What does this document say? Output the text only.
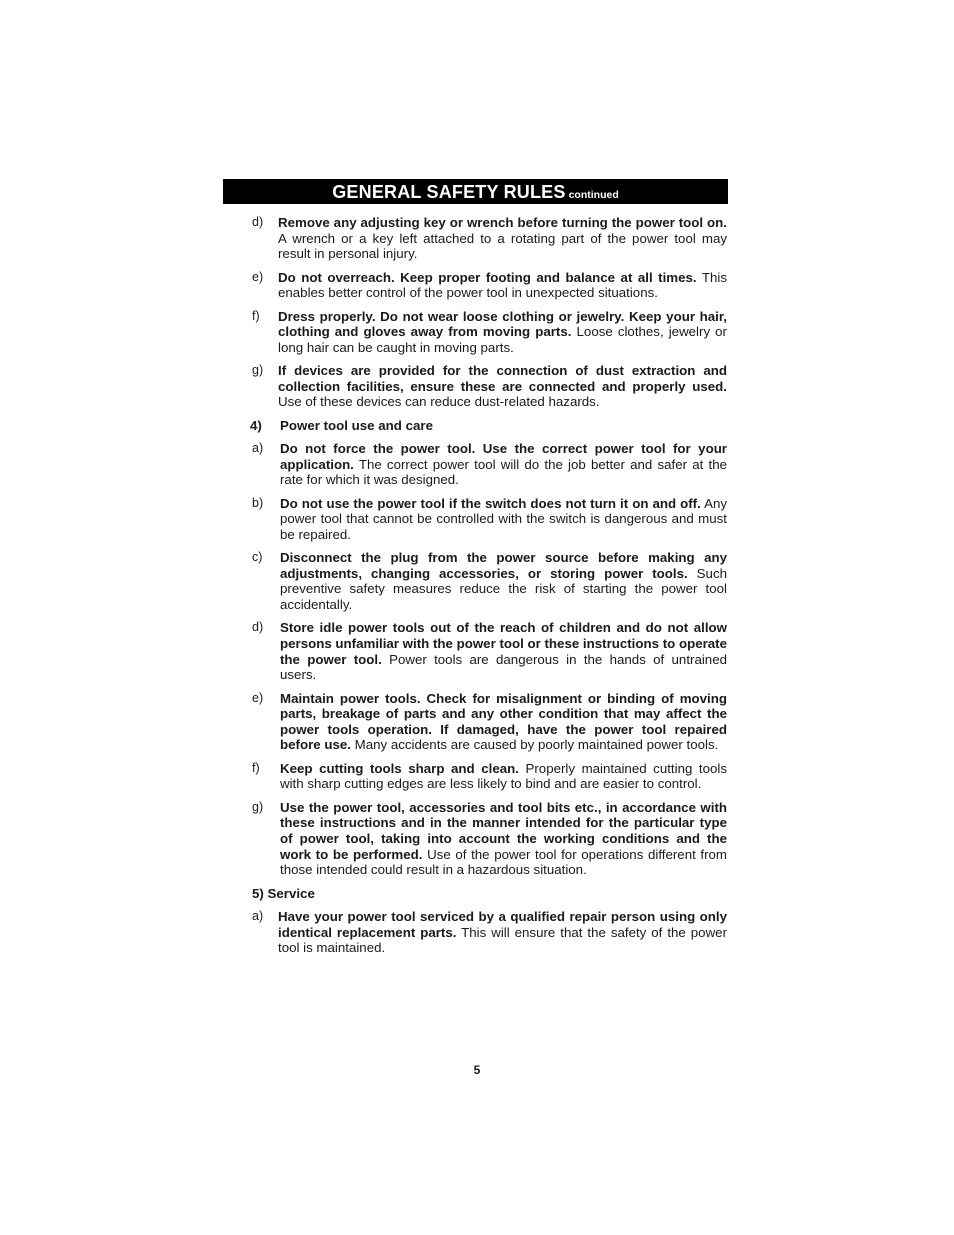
GENERAL SAFETY RULES continued
d) Remove any adjusting key or wrench before turning the power tool on. A wrench or a key left attached to a rotating part of the power tool may result in personal injury.
e) Do not overreach. Keep proper footing and balance at all times. This enables better control of the power tool in unexpected situations.
f) Dress properly. Do not wear loose clothing or jewelry. Keep your hair, clothing and gloves away from moving parts. Loose clothes, jewelry or long hair can be caught in moving parts.
g) If devices are provided for the connection of dust extraction and collection facilities, ensure these are connected and properly used. Use of these devices can reduce dust-related hazards.
4) Power tool use and care
a) Do not force the power tool. Use the correct power tool for your application. The correct power tool will do the job better and safer at the rate for which it was designed.
b) Do not use the power tool if the switch does not turn it on and off. Any power tool that cannot be controlled with the switch is dangerous and must be repaired.
c) Disconnect the plug from the power source before making any adjustments, changing accessories, or storing power tools. Such preventive safety measures reduce the risk of starting the power tool accidentally.
d) Store idle power tools out of the reach of children and do not allow persons unfamiliar with the power tool or these instructions to operate the power tool. Power tools are dangerous in the hands of untrained users.
e) Maintain power tools. Check for misalignment or binding of moving parts, breakage of parts and any other condition that may affect the power tools operation. If damaged, have the power tool repaired before use. Many accidents are caused by poorly maintained power tools.
f) Keep cutting tools sharp and clean. Properly maintained cutting tools with sharp cutting edges are less likely to bind and are easier to control.
g) Use the power tool, accessories and tool bits etc., in accordance with these instructions and in the manner intended for the particular type of power tool, taking into account the working conditions and the work to be performed. Use of the power tool for operations different from those intended could result in a hazardous situation.
5) Service
a) Have your power tool serviced by a qualified repair person using only identical replacement parts. This will ensure that the safety of the power tool is maintained.
5
